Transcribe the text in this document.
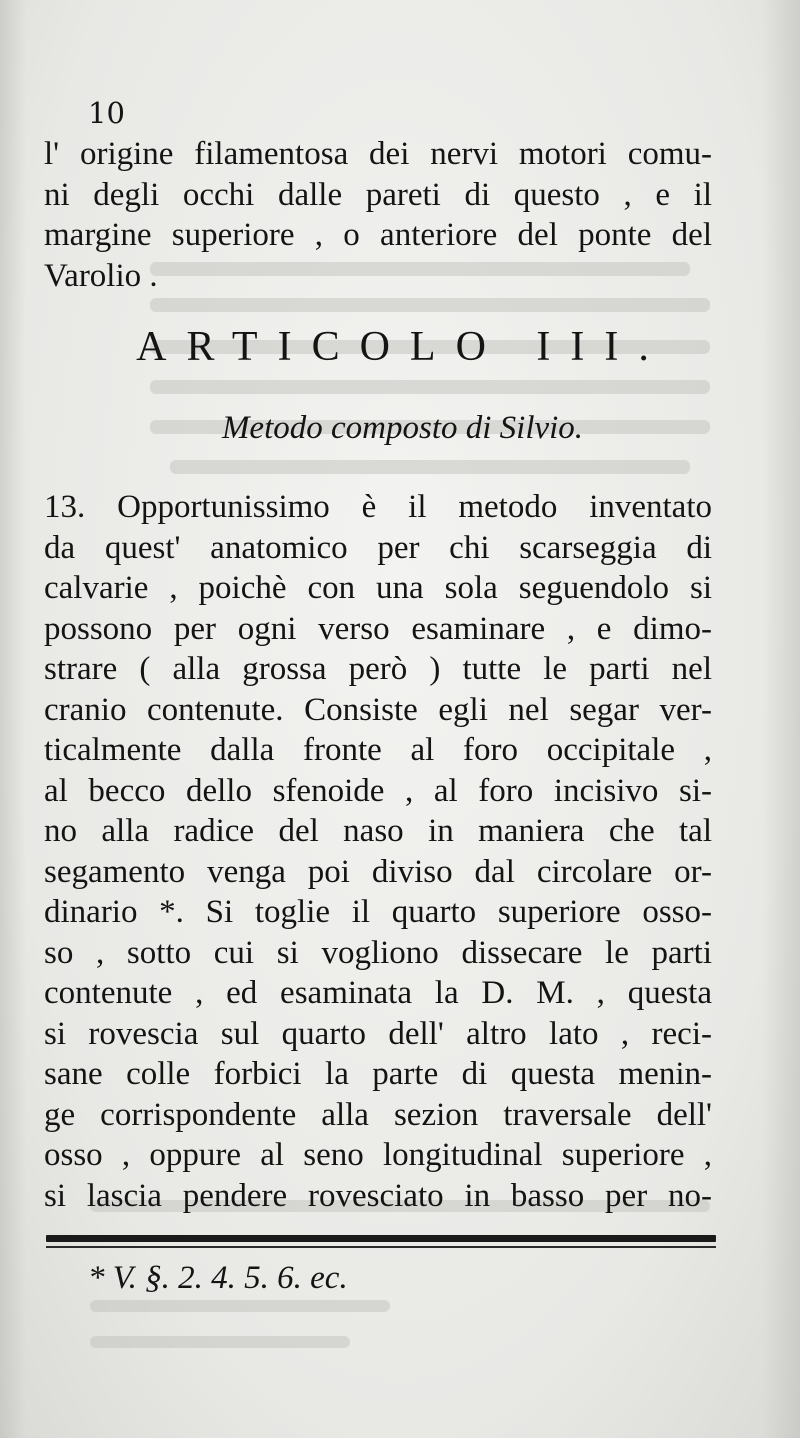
10
l' origine filamentosa dei nervi motori comu-
ni degli occhi dalle pareti di questo , e il
margine superiore , o anteriore del ponte del
Varolio .
ARTICOLO III.
Metodo composto di Silvio.
13. Opportunissimo è il metodo inventato
da quest' anatomico per chi scarseggia di
calvarie , poichè con una sola seguendolo si
possono per ogni verso esaminare , e dimo-
strare ( alla grossa però ) tutte le parti nel
cranio contenute. Consiste egli nel segar ver-
ticalmente dalla fronte al foro occipitale ,
al becco dello sfenoide , al foro incisivo si-
no alla radice del naso in maniera che tal
segamento venga poi diviso dal circolare or-
dinario *. Si toglie il quarto superiore osso-
so , sotto cui si vogliono dissecare le parti
contenute , ed esaminata la D. M. , questa
si rovescia sul quarto dell' altro lato , reci-
sane colle forbici la parte di questa menin-
ge corrispondente alla sezion traversale dell'
osso , oppure al seno longitudinal superiore ,
si lascia pendere rovesciato in basso per no-
* V. §. 2. 4. 5. 6. ec.
